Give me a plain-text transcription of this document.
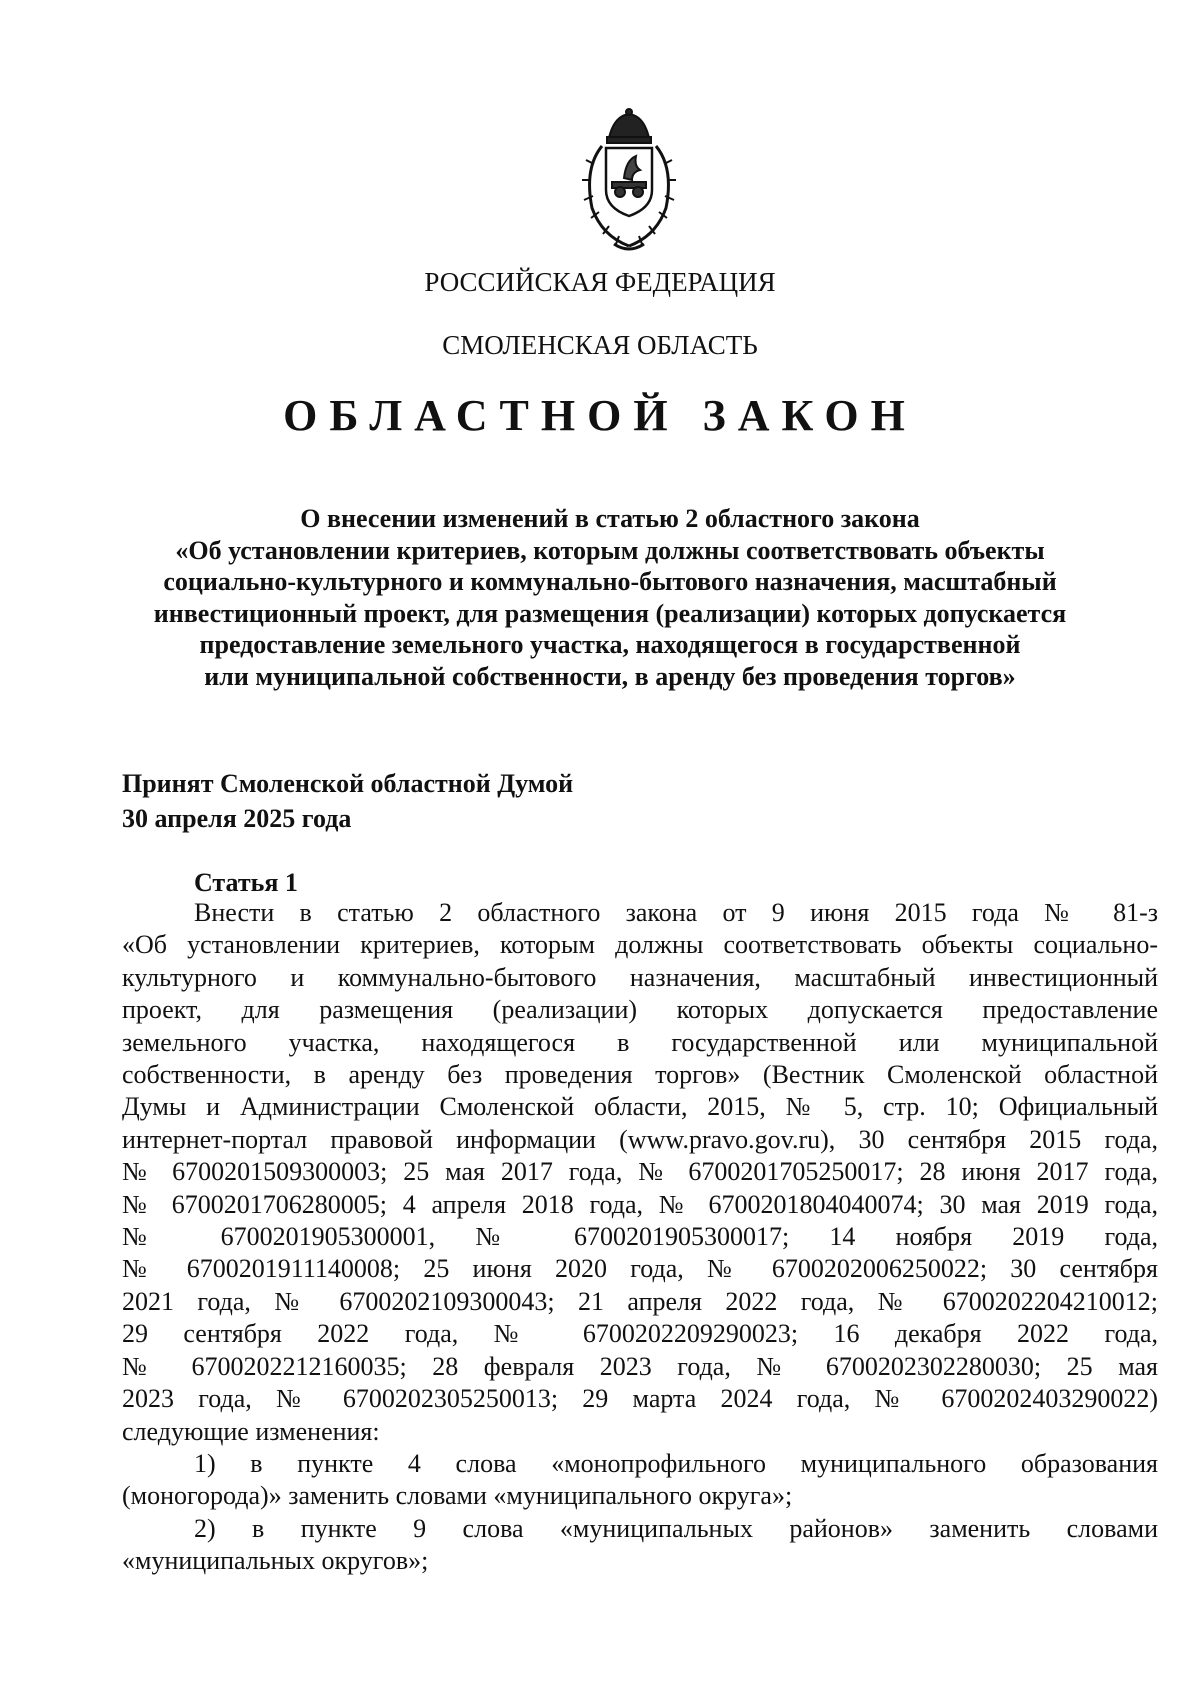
РОССИЙСКАЯ ФЕДЕРАЦИЯ

СМОЛЕНСКАЯ ОБЛАСТЬ

ОБЛАСТНОЙ ЗАКОН

О внесении изменений в статью 2 областного закона
«Об установлении критериев, которым должны соответствовать объекты
социально-культурного и коммунально-бытового назначения, масштабный
инвестиционный проект, для размещения (реализации) которых допускается
предоставление земельного участка, находящегося в государственной
или муниципальной собственности, в аренду без проведения торгов»

Принят Смоленской областной Думой
30 апреля 2025 года

Статья 1

Внести в статью 2 областного закона от 9 июня 2015 года № 81-з
«Об установлении критериев, которым должны соответствовать объекты социально-
культурного и коммунально-бытового назначения, масштабный инвестиционный
проект, для размещения (реализации) которых допускается предоставление
земельного участка, находящегося в государственной или муниципальной
собственности, в аренду без проведения торгов» (Вестник Смоленской областной
Думы и Администрации Смоленской области, 2015, № 5, стр. 10; Официальный
интернет-портал правовой информации (www.pravo.gov.ru), 30 сентября 2015 года,
№ 6700201509300003; 25 мая 2017 года, № 6700201705250017; 28 июня 2017 года,
№ 6700201706280005; 4 апреля 2018 года, № 6700201804040074; 30 мая 2019 года,
№ 6700201905300001, № 6700201905300017; 14 ноября 2019 года,
№ 6700201911140008; 25 июня 2020 года, № 6700202006250022; 30 сентября
2021 года, № 6700202109300043; 21 апреля 2022 года, № 6700202204210012;
29 сентября 2022 года, № 6700202209290023; 16 декабря 2022 года,
№ 6700202212160035; 28 февраля 2023 года, № 6700202302280030; 25 мая
2023 года, № 6700202305250013; 29 марта 2024 года, № 6700202403290022)
следующие изменения:
1) в пункте 4 слова «монопрофильного муниципального образования
(моногорода)» заменить словами «муниципального округа»;
2) в пункте 9 слова «муниципальных районов» заменить словами
«муниципальных округов»;
